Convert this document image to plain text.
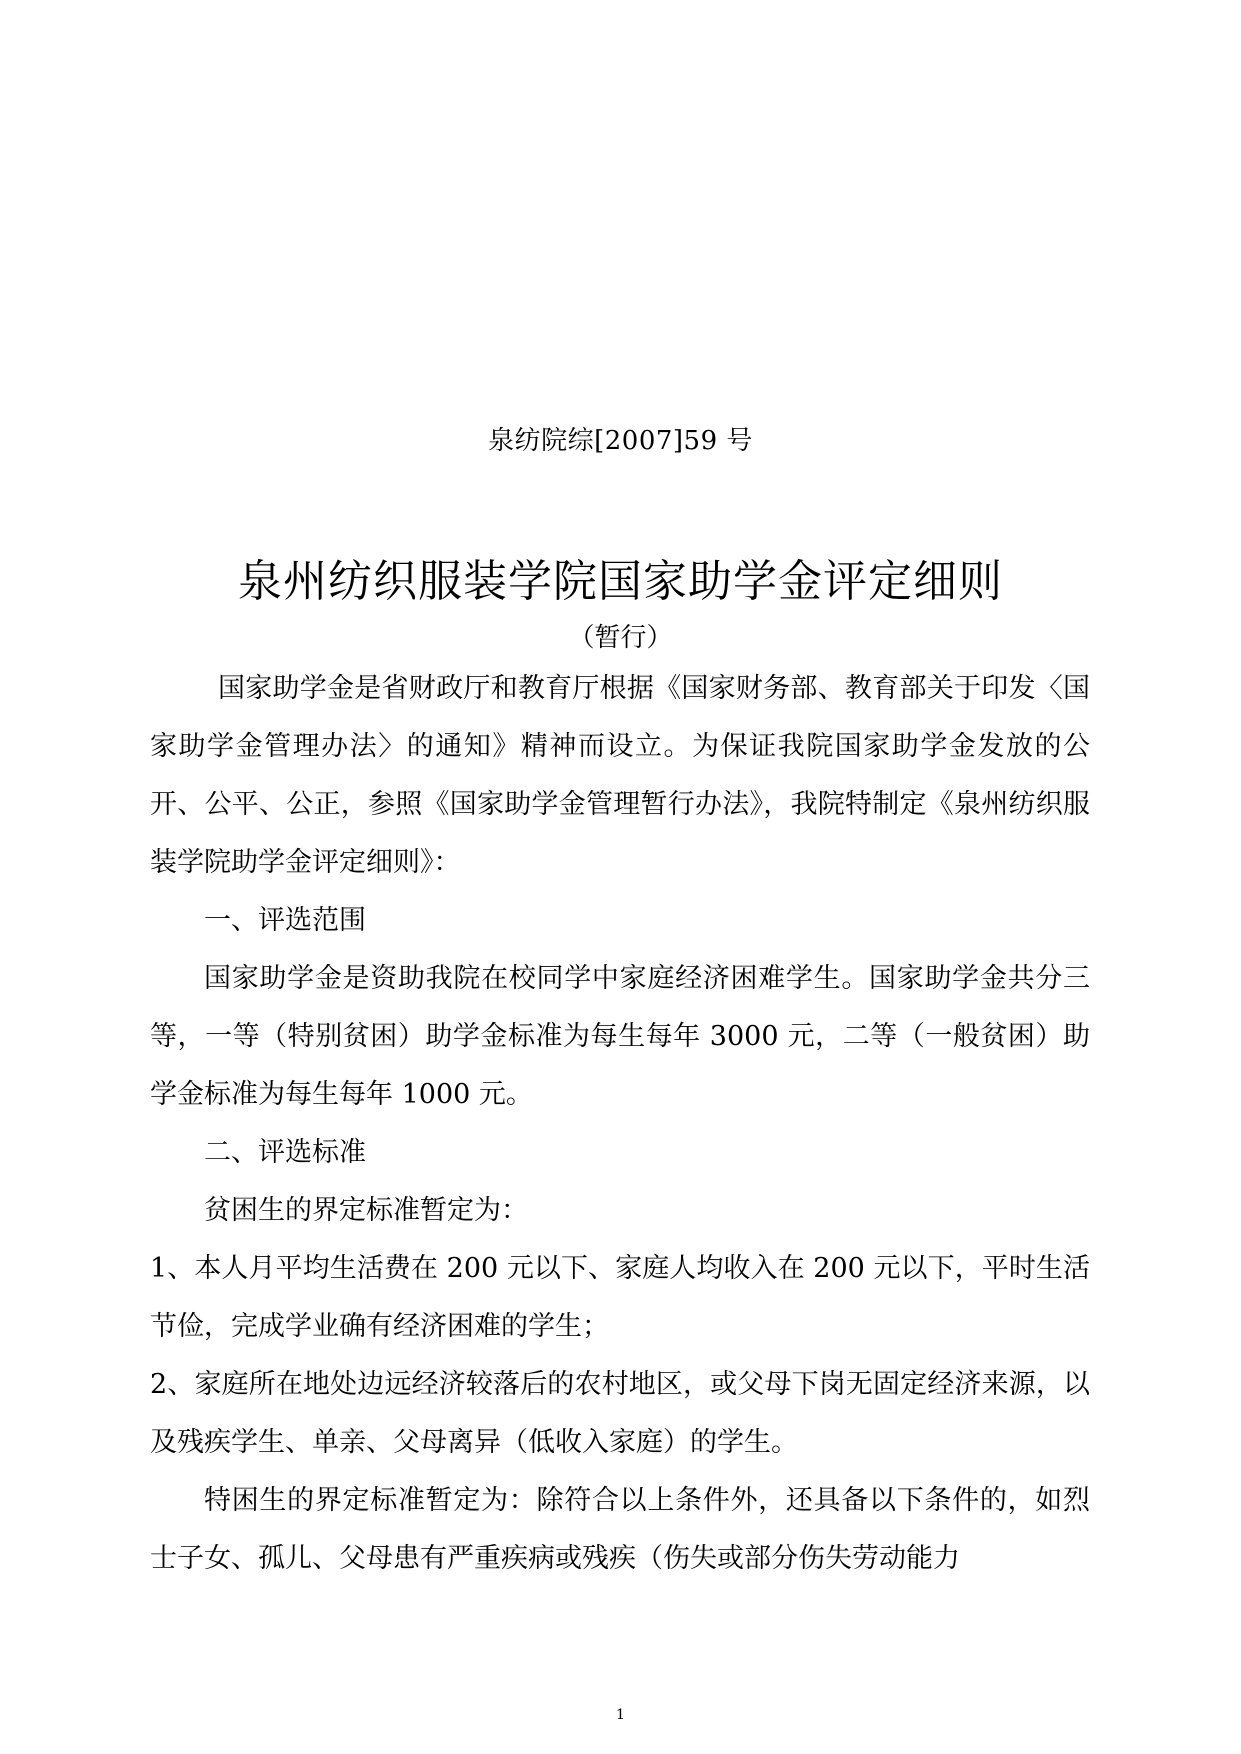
泉纺院综[2007]59 号
泉州纺织服装学院国家助学金评定细则
（暂行）

国家助学金是省财政厅和教育厅根据《国家财务部、教育部关于印发〈国家助学金管理办法〉的通知》精神而设立。为保证我院国家助学金发放的公开、公平、公正，参照《国家助学金管理暂行办法》，我院特制定《泉州纺织服装学院助学金评定细则》：

一、评选范围

国家助学金是资助我院在校同学中家庭经济困难学生。国家助学金共分三等，一等（特别贫困）助学金标准为每生每年 3000 元，二等（一般贫困）助学金标准为每生每年 1000 元。

二、评选标准

贫困生的界定标准暂定为：

1、本人月平均生活费在 200 元以下、家庭人均收入在 200 元以下，平时生活节俭，完成学业确有经济困难的学生；

2、家庭所在地处边远经济较落后的农村地区，或父母下岗无固定经济来源，以及残疾学生、单亲、父母离异（低收入家庭）的学生。

特困生的界定标准暂定为：除符合以上条件外，还具备以下条件的，如烈士子女、孤儿、父母患有严重疾病或残疾（伤失或部分伤失劳动能力

1
